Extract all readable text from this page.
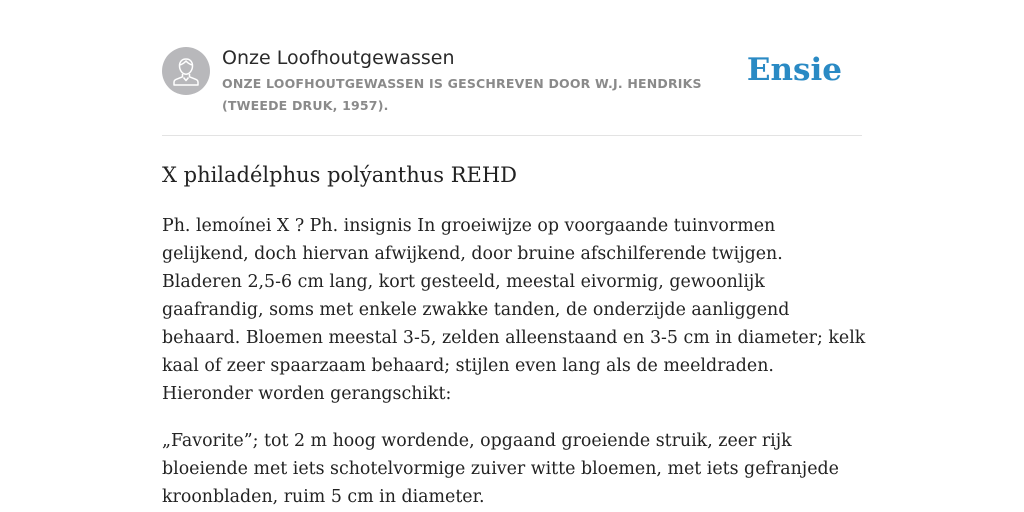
Onze Loofhoutgewassen
ONZE LOOFHOUTGEWASSEN IS GESCHREVEN DOOR W.J. HENDRIKS (TWEEDE DRUK, 1957).
Ensie
X philadélphus polýanthus REHD

Ph. lemoínei X ? Ph. insignis In groeiwijze op voorgaande tuinvormen gelijkend, doch hiervan afwijkend, door bruine afschilferende twijgen. Bladeren 2,5-6 cm lang, kort gesteeld, meestal eivormig, gewoonlijk gaafrandig, soms met enkele zwakke tanden, de onderzijde aanliggend behaard. Bloemen meestal 3-5, zelden alleenstaand en 3-5 cm in diameter; kelk kaal of zeer spaarzaam behaard; stijlen even lang als de meeldraden. Hieronder worden gerangschikt:

„Favorite”; tot 2 m hoog wordende, opgaand groeiende struik, zeer rijk bloeiende met iets schotelvormige zuiver witte bloemen, met iets gefranjede kroonbladen, ruim 5 cm in diameter.
